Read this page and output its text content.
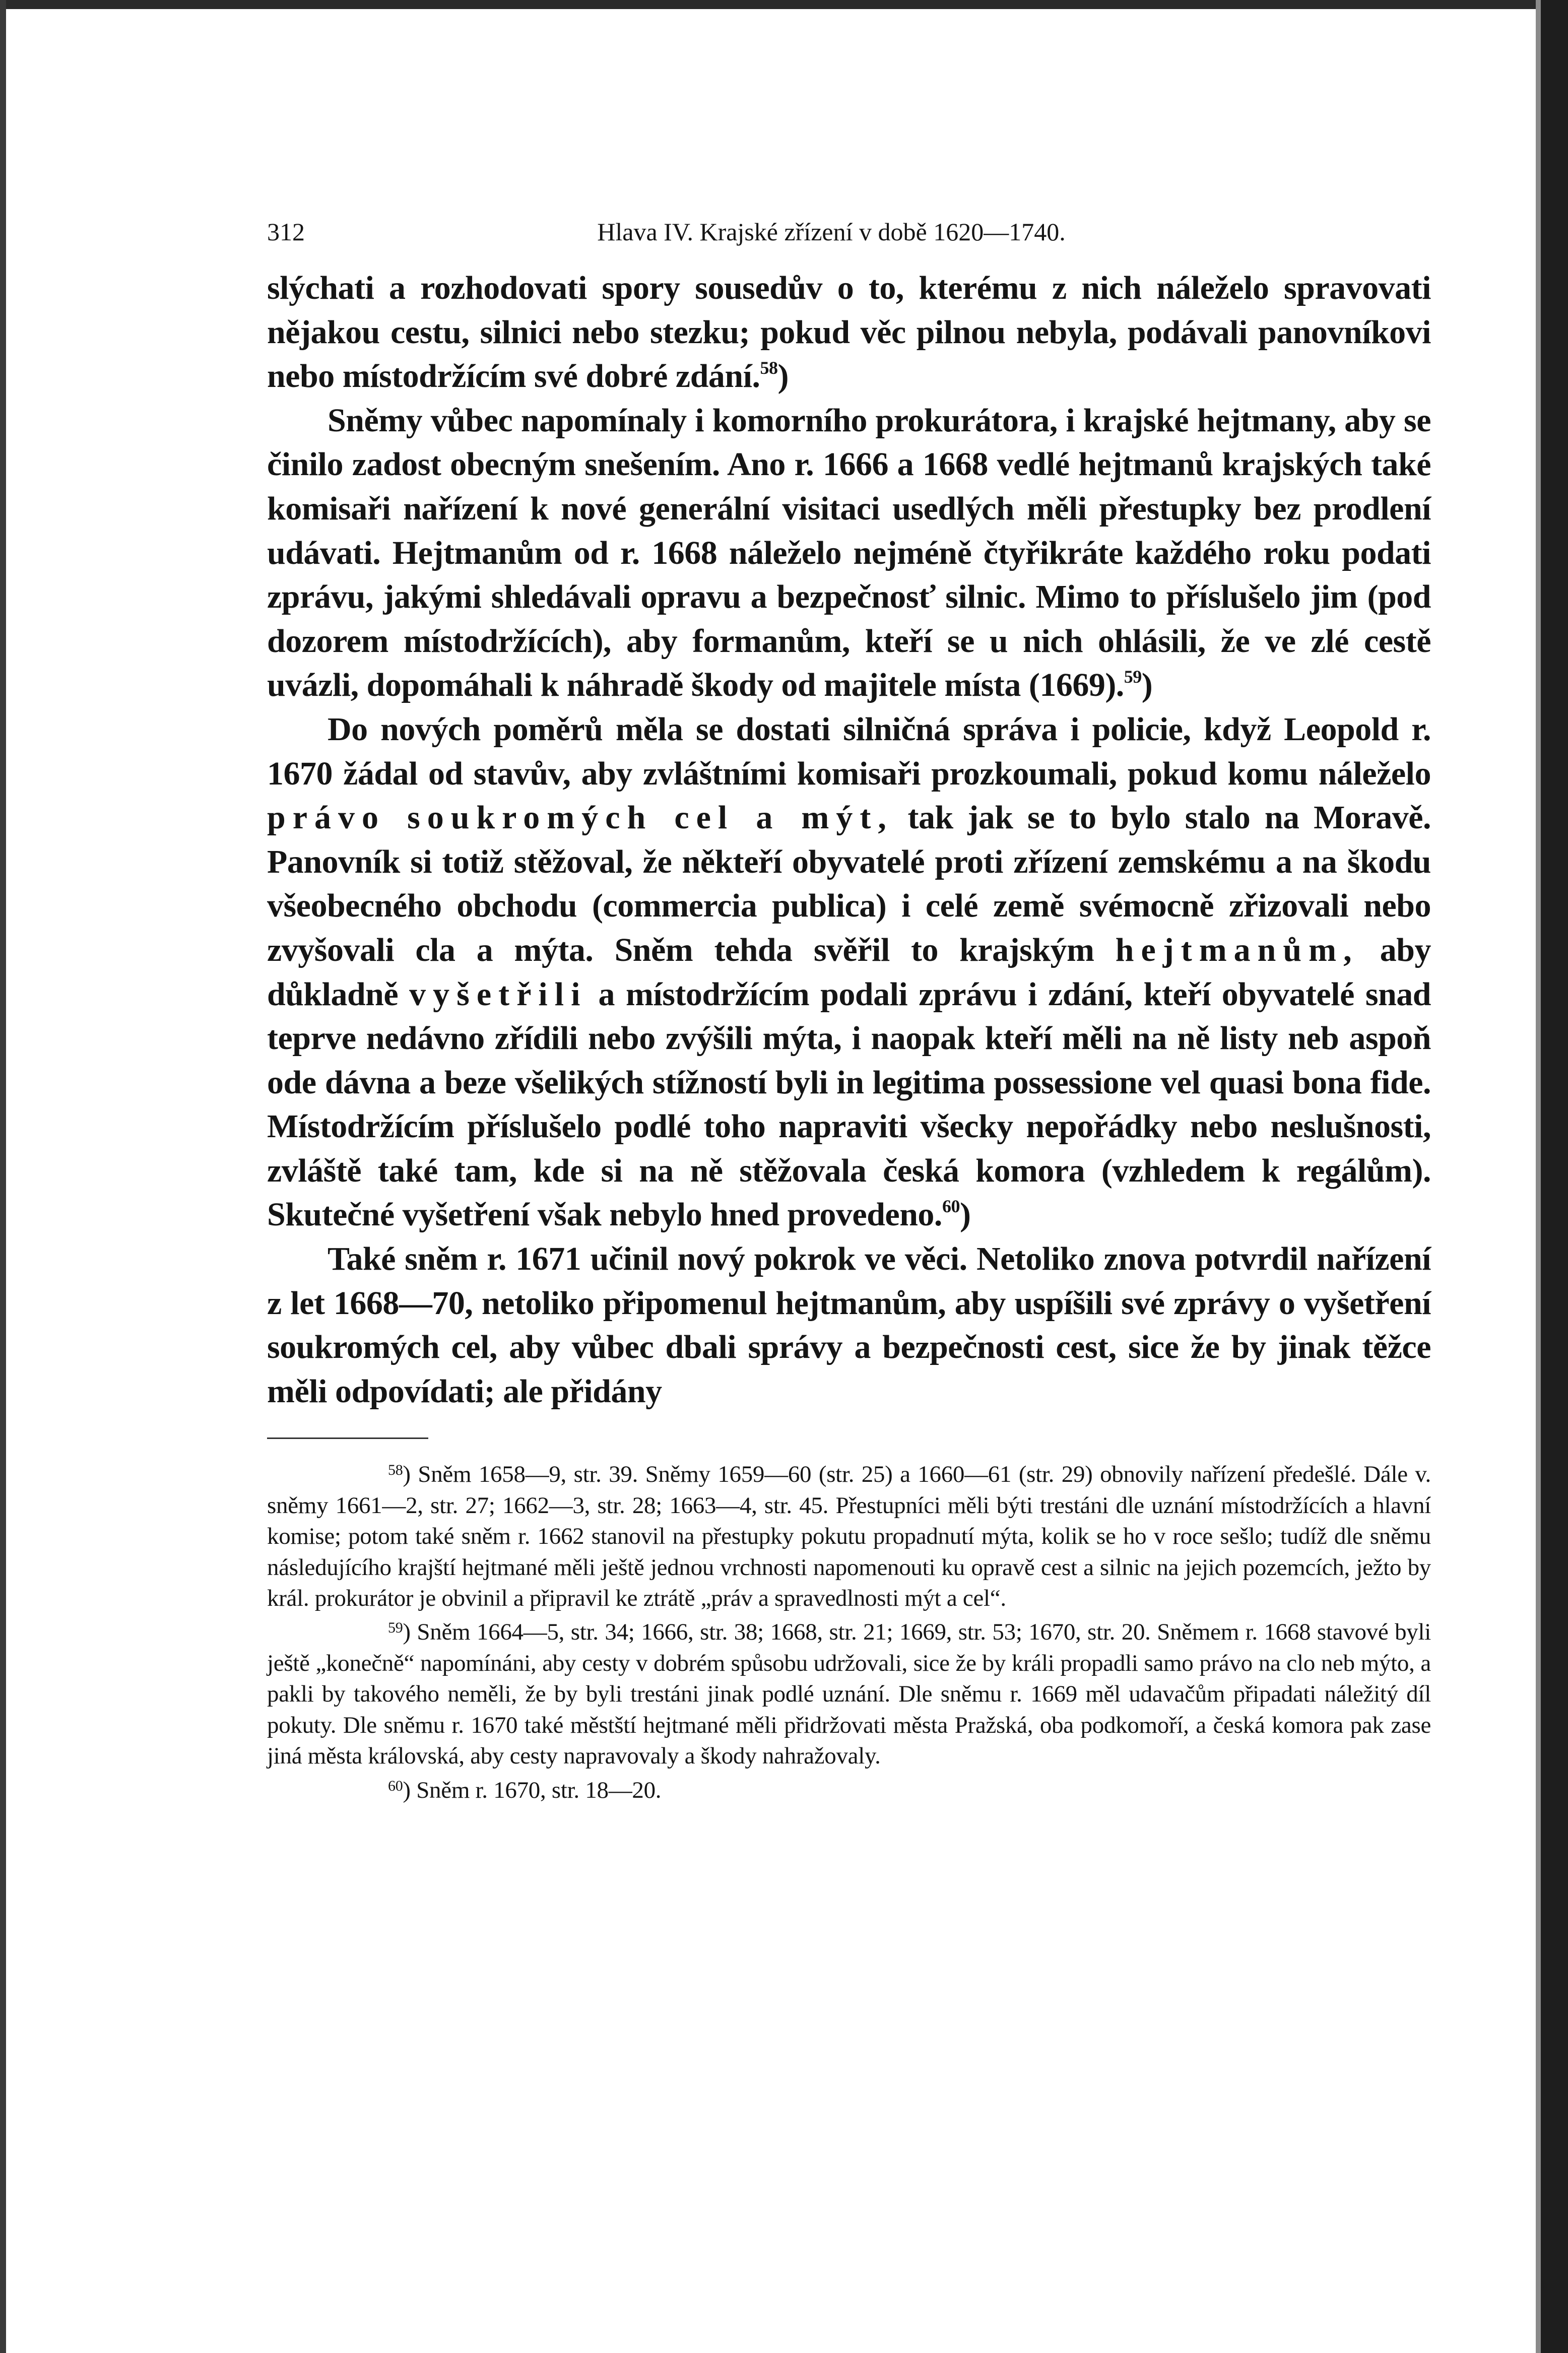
312	Hlava IV. Krajské zřízení v době 1620—1740.

slýchati a rozhodovati spory sousedův o to, kterému z nich náleželo spravovati nějakou cestu, silnici nebo stezku; pokud věc pilnou nebyla, podávali panovníkovi nebo místodržícím své dobré zdání.$^{58}$)

Sněmy vůbec napomínaly i komorního prokurátora, i krajské hejtmany, aby se činilo zadost obecným snešením. Ano r. 1666 a 1668 vedlé hejtmanů krajských také komisaři nařízení k nové generální visitaci usedlých měli přestupky bez prodlení udávati. Hejtmanům od r. 1668 náleželo nejméně čtyřikráte každého roku podati zprávu, jakými shledávali opravu a bezpečnosť silnic. Mimo to příslušelo jim (pod dozorem místodržících), aby formanům, kteří se u nich ohlásili, že ve zlé cestě uvázli, dopomáhali k náhradě škody od majitele místa (1669).$^{59}$)

Do nových poměrů měla se dostati silničná správa i policie, když Leopold r. 1670 žádal od stavův, aby zvláštními komisaři prozkoumali, pokud komu náleželo právo soukromých cel a mýt, tak jak se to bylo stalo na Moravě. Panovník si totiž stěžoval, že někteří obyvatelé proti zřízení zemskému a na škodu všeobecného obchodu (commercia publica) i celé země svémocně zřizovali nebo zvyšovali cla a mýta. Sněm tehda svěřil to krajským hejtmanům, aby důkladně vyšetřili a místodržícím podali zprávu i zdání, kteří obyvatelé snad teprve nedávno zřídili nebo zvýšili mýta, i naopak kteří měli na ně listy neb aspoň ode dávna a beze všelikých stížností byli in legitima possessione vel quasi bona fide. Místodržícím příslušelo podlé toho napraviti všecky nepořádky nebo neslušnosti, zvláště také tam, kde si na ně stěžovala česká komora (vzhledem k regálům). Skutečné vyšetření však nebylo hned provedeno.$^{60}$)

Také sněm r. 1671 učinil nový pokrok ve věci. Netoliko znova potvrdil nařízení z let 1668—70, netoliko připomenul hejtmanům, aby uspíšili své zprávy o vyšetření soukromých cel, aby vůbec dbali správy a bezpečnosti cest, sice že by jinak těžce měli odpovídati; ale přidány

$^{58}$) Sněm 1658—9, str. 39. Sněmy 1659—60 (str. 25) a 1660—61 (str. 29) obnovily nařízení předešlé. Dále v. sněmy 1661—2, str. 27; 1662—3, str. 28; 1663—4, str. 45. Přestupníci měli býti trestáni dle uznání místodržících a hlavní komise; potom také sněm r. 1662 stanovil na přestupky pokutu propadnutí mýta, kolik se ho v roce sešlo; tudíž dle sněmu následujícího krajští hejtmané měli ještě jednou vrchnosti napomenouti ku opravě cest a silnic na jejich pozemcích, ježto by král. prokurátor je obvinil a připravil ke ztrátě „práv a spravedlnosti mýt a cel“.

$^{59}$) Sněm 1664—5, str. 34; 1666, str. 38; 1668, str. 21; 1669, str. 53; 1670, str. 20. Sněmem r. 1668 stavové byli ještě „konečně“ napomínáni, aby cesty v dobrém spůsobu udržovali, sice že by králi propadli samo právo na clo neb mýto, a pakli by takového neměli, že by byli trestáni jinak podlé uznání. Dle sněmu r. 1669 měl udavačům připadati náležitý díl pokuty. Dle sněmu r. 1670 také městští hejtmané měli přidržovati města Pražská, oba podkomoří, a česká komora pak zase jiná města královská, aby cesty napravovaly a škody nahražovaly.

$^{60}$) Sněm r. 1670, str. 18—20.
